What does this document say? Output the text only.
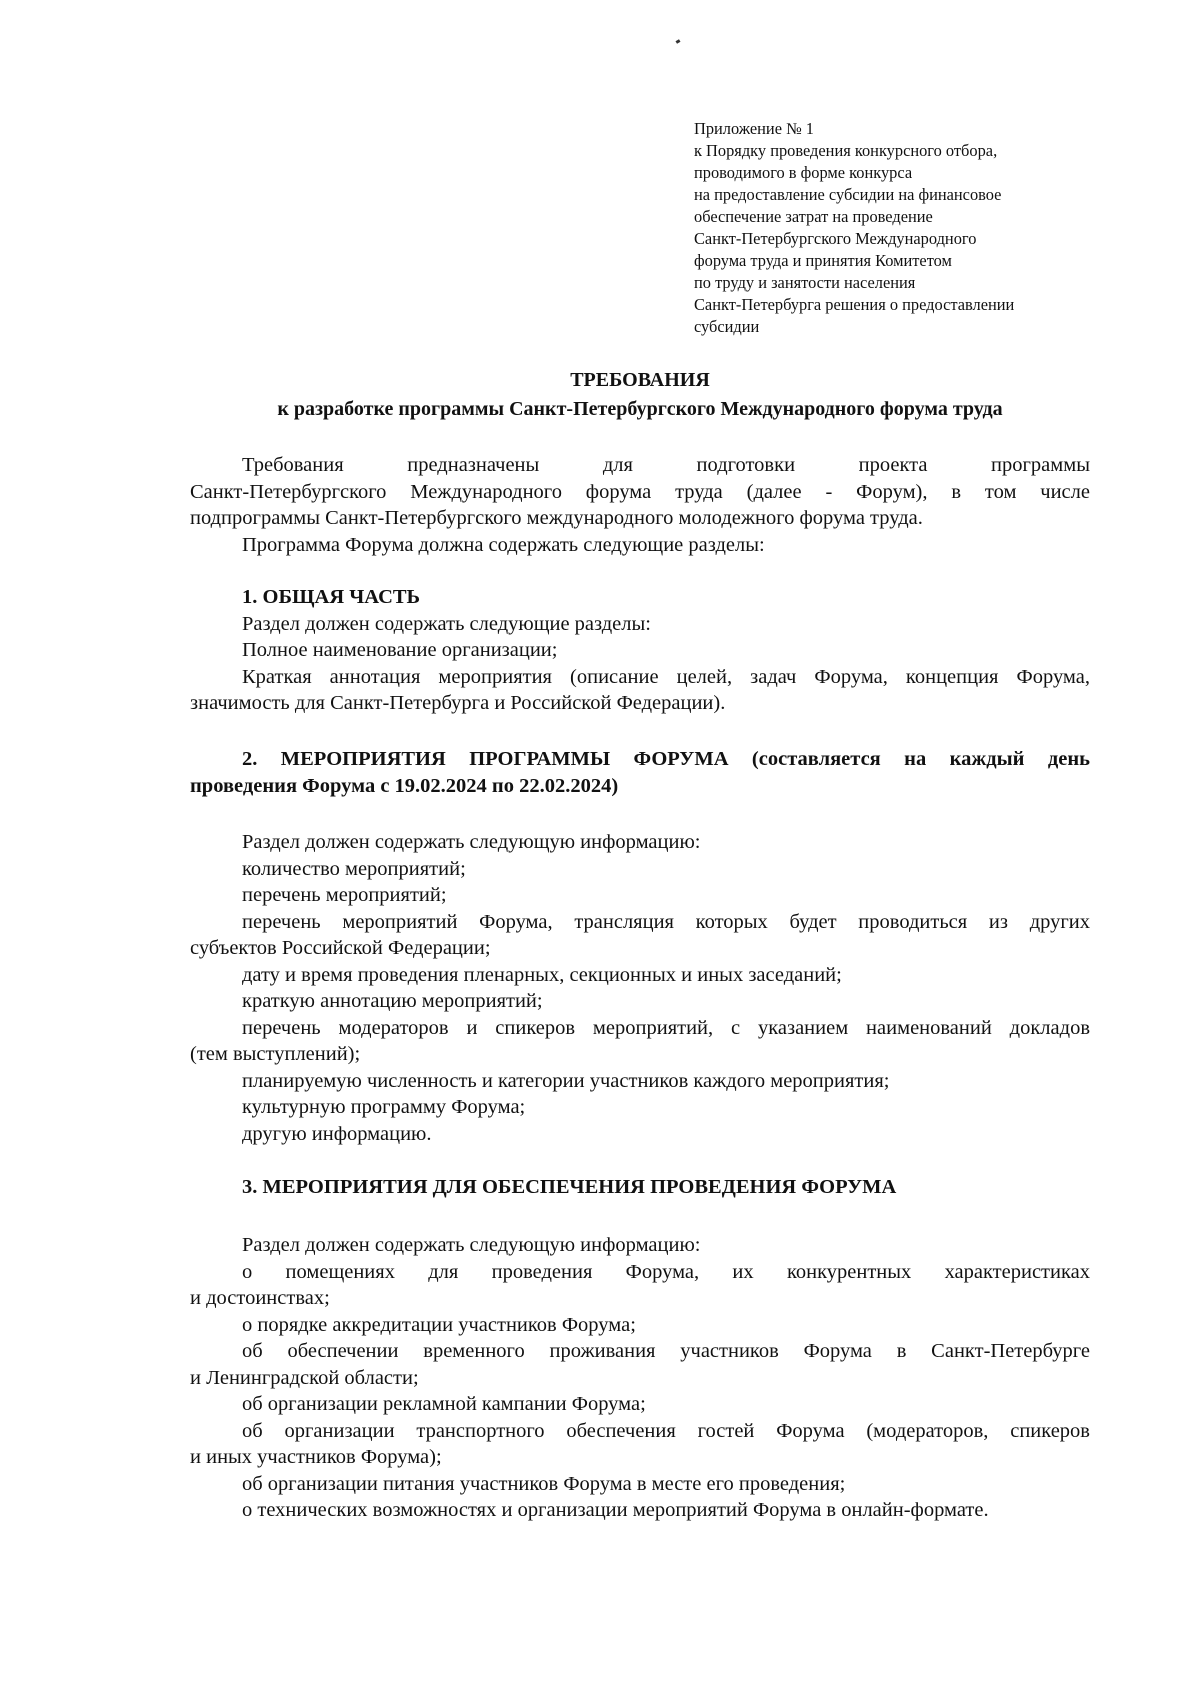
Приложение № 1
к Порядку проведения конкурсного отбора,
проводимого в форме конкурса
на предоставление субсидии на финансовое
обеспечение затрат на проведение
Санкт-Петербургского Международного
форума труда и принятия Комитетом
по труду и занятости населения
Санкт-Петербурга решения о предоставлении
субсидии
ТРЕБОВАНИЯ
к разработке программы Санкт-Петербургского Международного форума труда
Требования предназначены для подготовки проекта программы
Санкт-Петербургского Международного форума труда (далее - Форум), в том числе
подпрограммы Санкт-Петербургского международного молодежного форума труда.
Программа Форума должна содержать следующие разделы:
1. ОБЩАЯ ЧАСТЬ
Раздел должен содержать следующие разделы:
Полное наименование организации;
Краткая аннотация мероприятия (описание целей, задач Форума, концепция Форума,
значимость для Санкт-Петербурга и Российской Федерации).
2. МЕРОПРИЯТИЯ ПРОГРАММЫ ФОРУМА (составляется на каждый день
проведения Форума с 19.02.2024 по 22.02.2024)
Раздел должен содержать следующую информацию:
количество мероприятий;
перечень мероприятий;
перечень мероприятий Форума, трансляция которых будет проводиться из других
субъектов Российской Федерации;
дату и время проведения пленарных, секционных и иных заседаний;
краткую аннотацию мероприятий;
перечень модераторов и спикеров мероприятий, с указанием наименований докладов
(тем выступлений);
планируемую численность и категории участников каждого мероприятия;
культурную программу Форума;
другую информацию.
3. МЕРОПРИЯТИЯ ДЛЯ ОБЕСПЕЧЕНИЯ ПРОВЕДЕНИЯ ФОРУМА
Раздел должен содержать следующую информацию:
о помещениях для проведения Форума, их конкурентных характеристиках
и достоинствах;
о порядке аккредитации участников Форума;
об обеспечении временного проживания участников Форума в Санкт-Петербурге
и Ленинградской области;
об организации рекламной кампании Форума;
об организации транспортного обеспечения гостей Форума (модераторов, спикеров
и иных участников Форума);
об организации питания участников Форума в месте его проведения;
о технических возможностях и организации мероприятий Форума в онлайн-формате.
